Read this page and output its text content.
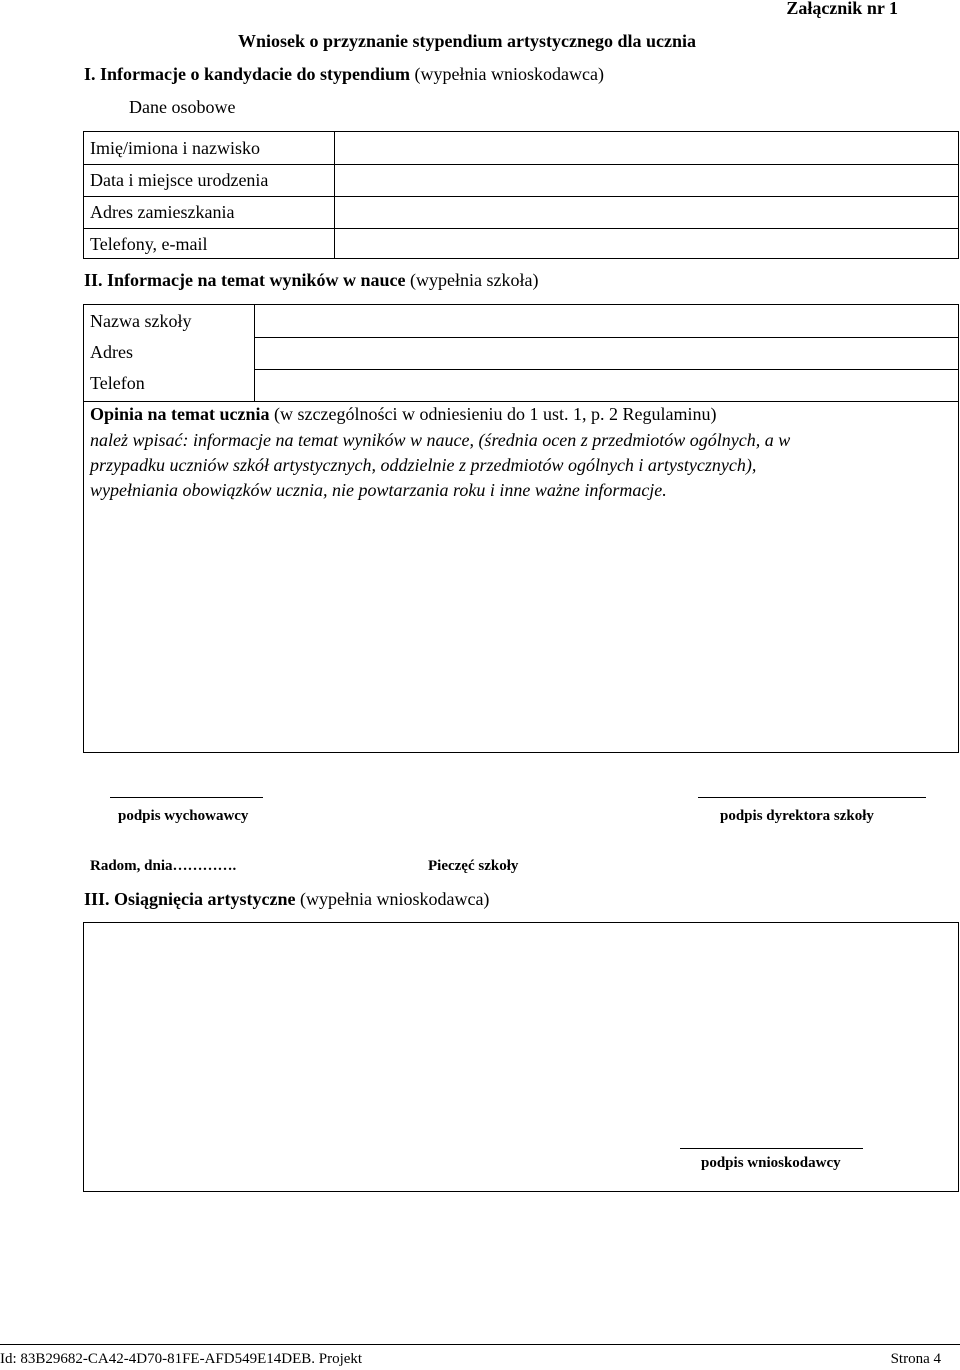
Załącznik nr 1
Wniosek o przyznanie stypendium artystycznego dla ucznia
I. Informacje o kandydacie do stypendium (wypełnia wnioskodawca)
Dane osobowe
Imię/imiona i nazwisko
Data i miejsce urodzenia
Adres zamieszkania
Telefony, e-mail
II. Informacje na temat wyników w nauce (wypełnia szkoła)
Nazwa szkoły
Adres
Telefon
Opinia na temat ucznia (w szczególności w odniesieniu do 1 ust. 1, p. 2 Regulaminu)
należ wpisać: informacje na temat wyników w nauce, (średnia ocen z przedmiotów ogólnych, a w
przypadku uczniów szkół artystycznych, oddzielnie z przedmiotów ogólnych i artystycznych),
wypełniania obowiązków ucznia, nie powtarzania roku i inne ważne informacje.
podpis wychowawcy	podpis dyrektora szkoły
Radom, dnia………….	Pieczęć szkoły
III. Osiągnięcia artystyczne (wypełnia wnioskodawca)
podpis wnioskodawcy
Id: 83B29682-CA42-4D70-81FE-AFD549E14DEB. Projekt	Strona 4
